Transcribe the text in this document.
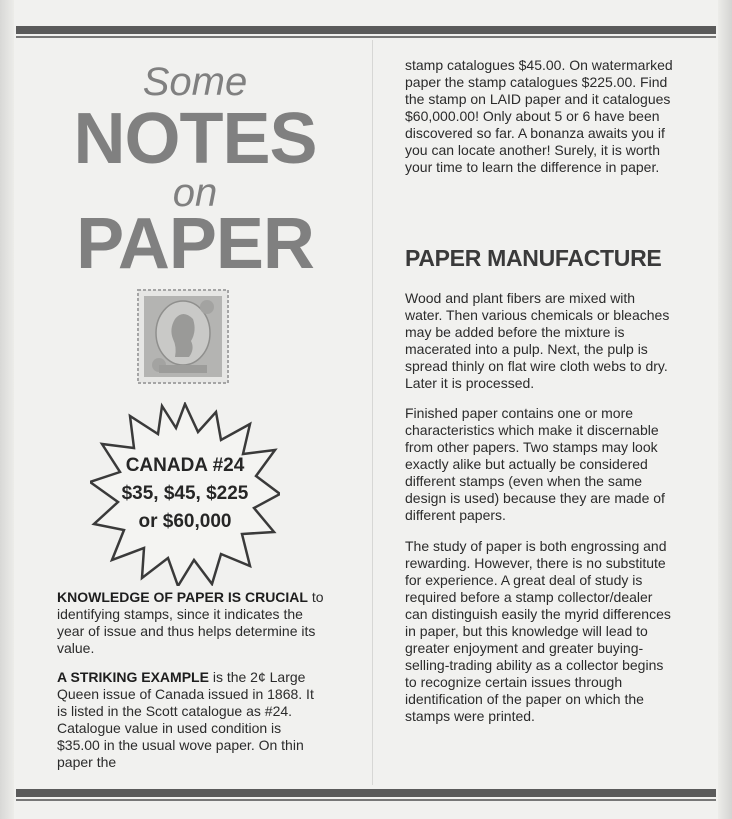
Some
NOTES
on
PAPER
CANADA #24
$35, $45, $225
or $60,000

KNOWLEDGE OF PAPER IS CRUCIAL to identifying stamps, since it indicates the year of issue and thus helps determine its value.

A STRIKING EXAMPLE is the 2¢ Large Queen issue of Canada issued in 1868. It is listed in the Scott catalogue as #24. Catalogue value in used condition is $35.00 in the usual wove paper. On thin paper the

stamp catalogues $45.00. On watermarked paper the stamp catalogues $225.00. Find the stamp on LAID paper and it catalogues $60,000.00! Only about 5 or 6 have been discovered so far. A bonanza awaits you if you can locate another! Surely, it is worth your time to learn the difference in paper.

PAPER MANUFACTURE

Wood and plant fibers are mixed with water. Then various chemicals or bleaches may be added before the mixture is macerated into a pulp. Next, the pulp is spread thinly on flat wire cloth webs to dry. Later it is processed.

Finished paper contains one or more characteristics which make it discernable from other papers. Two stamps may look exactly alike but actually be considered different stamps (even when the same design is used) because they are made of different papers.

The study of paper is both engrossing and rewarding. However, there is no substitute for experience. A great deal of study is required before a stamp collector/dealer can distinguish easily the myrid differences in paper, but this knowledge will lead to greater enjoyment and greater buying-selling-trading ability as a collector begins to recognize certain issues through identification of the paper on which the stamps were printed.
